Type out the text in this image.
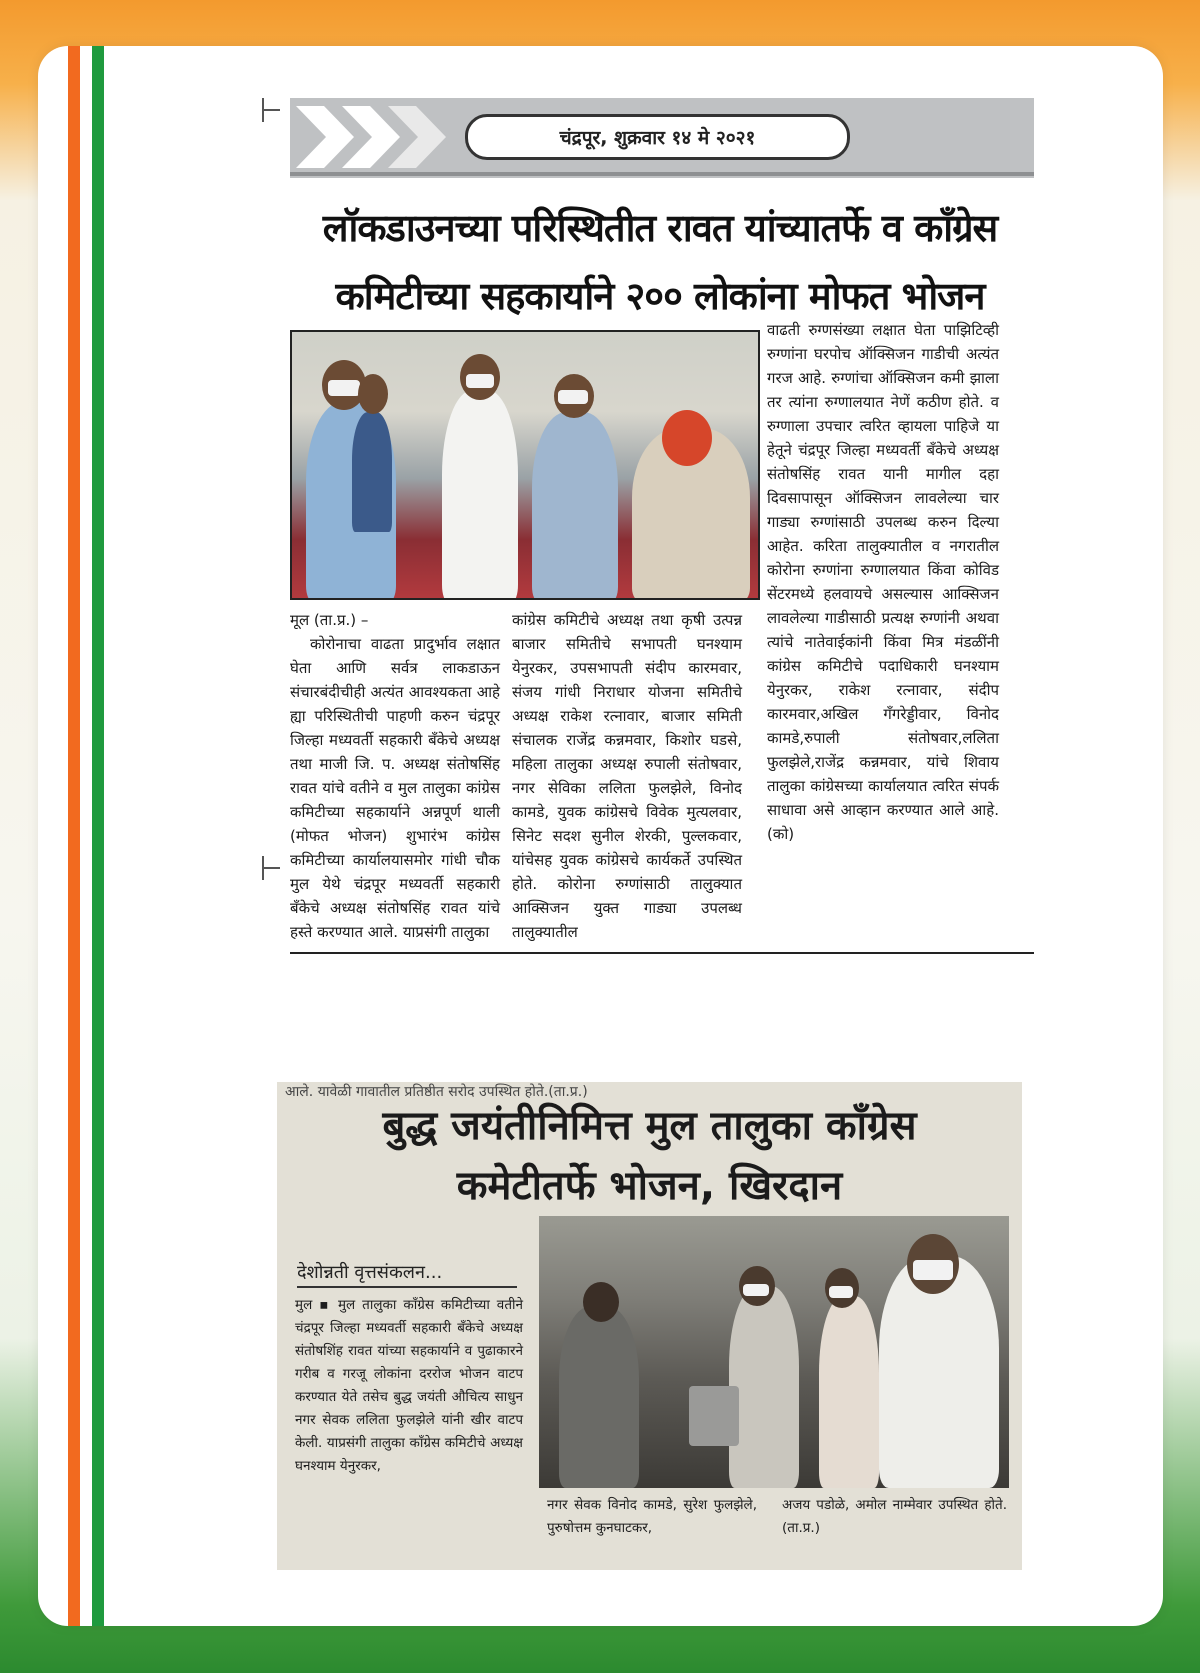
चंद्रपूर, शुक्रवार १४ मे २०२१
लॉकडाउनच्या परिस्थितीत रावत यांच्यातर्फे व काँग्रेस
कमिटीच्या सहकार्याने २०० लोकांना मोफत भोजन

मूल (ता.प्र.) –

कोरोनाचा वाढता प्रादुर्भाव लक्षात घेता आणि सर्वत्र लाकडाऊन संचारबंदीचीही अत्यंत आवश्यकता आहे ह्या परिस्थितीची पाहणी करुन चंद्रपूर जिल्हा मध्यवर्ती सहकारी बँकेचे अध्यक्ष तथा माजी जि. प. अध्यक्ष संतोषसिंह रावत यांचे वतीने व मुल तालुका कांग्रेस कमिटीच्या सहकार्याने अन्नपूर्ण थाली (मोफत भोजन) शुभारंभ कांग्रेस कमिटीच्या कार्यालयासमोर गांधी चौक मुल येथे चंद्रपूर मध्यवर्ती सहकारी बँकेचे अध्यक्ष संतोषसिंह रावत यांचे हस्ते करण्यात आले. याप्रसंगी तालुका

कांग्रेस कमिटीचे अध्यक्ष तथा कृषी उत्पन्न बाजार समितीचे सभापती घनश्याम येनुरकर, उपसभापती संदीप कारमवार, संजय गांधी निराधार योजना समितीचे अध्यक्ष राकेश रत्नावार, बाजार समिती संचालक राजेंद्र कन्नमवार, किशोर घडसे, महिला तालुका अध्यक्ष रुपाली संतोषवार, नगर सेविका ललिता फुलझेले, विनोद कामडे, युवक कांग्रेसचे विवेक मुत्यलवार, सिनेट सदश सुनील शेरकी, पुल्लकवार, यांचेसह युवक कांग्रेसचे कार्यकर्ते उपस्थित होते. कोरोना रुग्णांसाठी तालुक्यात आक्सिजन युक्त गाड्या उपलब्ध तालुक्यातील

वाढती रुग्णसंख्या लक्षात घेता पाझिटिव्ही रुग्णांना घरपोच ऑक्सिजन गाडीची अत्यंत गरज आहे. रुग्णांचा ऑक्सिजन कमी झाला तर त्यांना रुग्णालयात नेणें कठीण होते. व रुग्णाला उपचार त्वरित व्हायला पाहिजे या हेतूने चंद्रपूर जिल्हा मध्यवर्ती बँकेचे अध्यक्ष संतोषसिंह रावत यानी मागील दहा दिवसापासून ऑक्सिजन लावलेल्या चार गाड्या रुग्णांसाठी उपलब्ध करुन दिल्या आहेत. करिता तालुक्यातील व नगरातील कोरोना रुग्णांना रुग्णालयात किंवा कोविड सेंटरमध्ये हलवायचे असल्यास आक्सिजन लावलेल्या गाडीसाठी प्रत्यक्ष रुग्णांनी अथवा त्यांचे नातेवाईकांनी किंवा मित्र मंडळींनी कांग्रेस कमिटीचे पदाधिकारी घनश्याम येनुरकर, राकेश रत्नावार, संदीप कारमवार,अखिल गँगरेड्डीवार, विनोद कामडे,रुपाली संतोषवार,ललिता फुलझेले,राजेंद्र कन्नमवार, यांचे शिवाय तालुका कांग्रेसच्या कार्यालयात त्वरित संपर्क साधावा असे आव्हान करण्यात आले आहे. (को)

आले. यावेळी गावातील प्रतिष्ठीत सरोद उपस्थित होते.(ता.प्र.)
बुद्ध जयंतीनिमित्त मुल तालुका काँग्रेस
कमेटीतर्फे भोजन, खिरदान
देशोन्नती वृत्तसंकलन...
मुल ▪ मुल तालुका कॉंग्रेस कमिटीच्या वतीने चंद्रपूर जिल्हा मध्यवर्ती सहकारी बँकेचे अध्यक्ष संतोषशिंह रावत यांच्या सहकार्याने व पुढाकारने गरीब व गरजू लोकांना दररोज भोजन वाटप करण्यात येते तसेच बुद्ध जयंती औचित्य साधुन नगर सेवक ललिता फुलझेले यांनी खीर वाटप केली. याप्रसंगी तालुका कॉंग्रेस कमिटीचे अध्यक्ष घनश्याम येनुरकर,
नगर सेवक विनोद कामडे, सुरेश फुलझेले, पुरुषोत्तम कुनघाटकर,
अजय पडोळे, अमोल नाम्मेवार उपस्थित होते.(ता.प्र.)
